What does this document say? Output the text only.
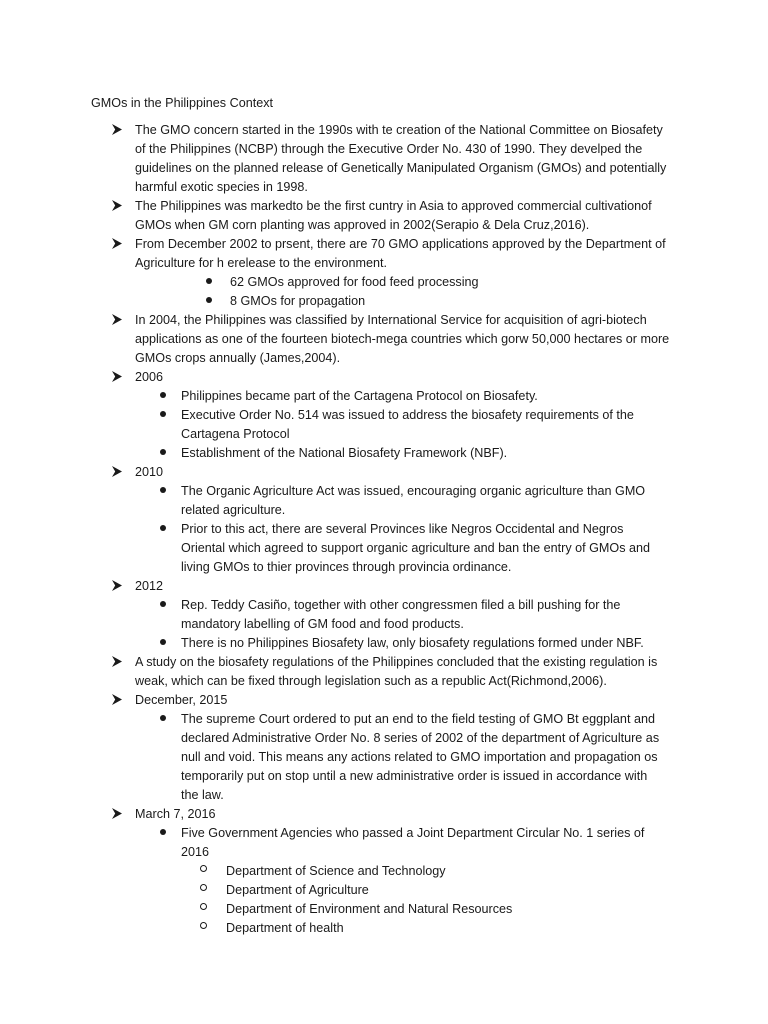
GMOs in the Philippines Context
The GMO concern started in the 1990s with te creation of the National Committee on Biosafety of the Philippines (NCBP) through the Executive Order No. 430 of 1990. They develped the guidelines on the planned release of Genetically Manipulated Organism (GMOs) and potentially harmful exotic species in 1998.
The Philippines was markedto be the first cuntry in Asia to approved commercial cultivationof GMOs when GM corn planting was approved in 2002(Serapio & Dela Cruz,2016).
From December 2002 to prsent, there are 70 GMO applications approved by the Department of Agriculture for h erelease to the environment.
62 GMOs approved for food feed processing
8 GMOs for propagation
In 2004, the Philippines was classified by International Service for acquisition of agri-biotech applications as one of the fourteen biotech-mega countries which gorw 50,000 hectares or more GMOs crops annually (James,2004).
2006
Philippines became part of the Cartagena Protocol on Biosafety.
Executive Order No. 514 was issued to address the biosafety requirements of the Cartagena Protocol
Establishment of the National Biosafety Framework (NBF).
2010
The Organic Agriculture Act was issued, encouraging organic agriculture than GMO related agriculture.
Prior to this act, there are several Provinces like Negros Occidental and Negros Oriental which agreed to support organic agriculture and ban the entry of GMOs and living GMOs to thier provinces through provincia ordinance.
2012
Rep. Teddy Casiño, together with other congressmen filed a bill pushing for the mandatory labelling of GM food and food products.
There is no Philippines Biosafety law, only biosafety regulations formed under NBF.
A study on the biosafety regulations of the Philippines concluded that the existing regulation is weak, which can be fixed through legislation such as a republic Act(Richmond,2006).
December, 2015
The supreme Court ordered to put an end to the field testing of GMO Bt eggplant and declared Administrative Order No. 8 series of 2002 of the department of Agriculture as null and void. This means any actions related to GMO importation and propagation os temporarily put on stop until a new administrative order is issued in accordance with the law.
March 7, 2016
Five Government Agencies who passed a Joint Department Circular No. 1 series of 2016
Department of Science and Technology
Department of Agriculture
Department of Environment and Natural Resources
Department of health
